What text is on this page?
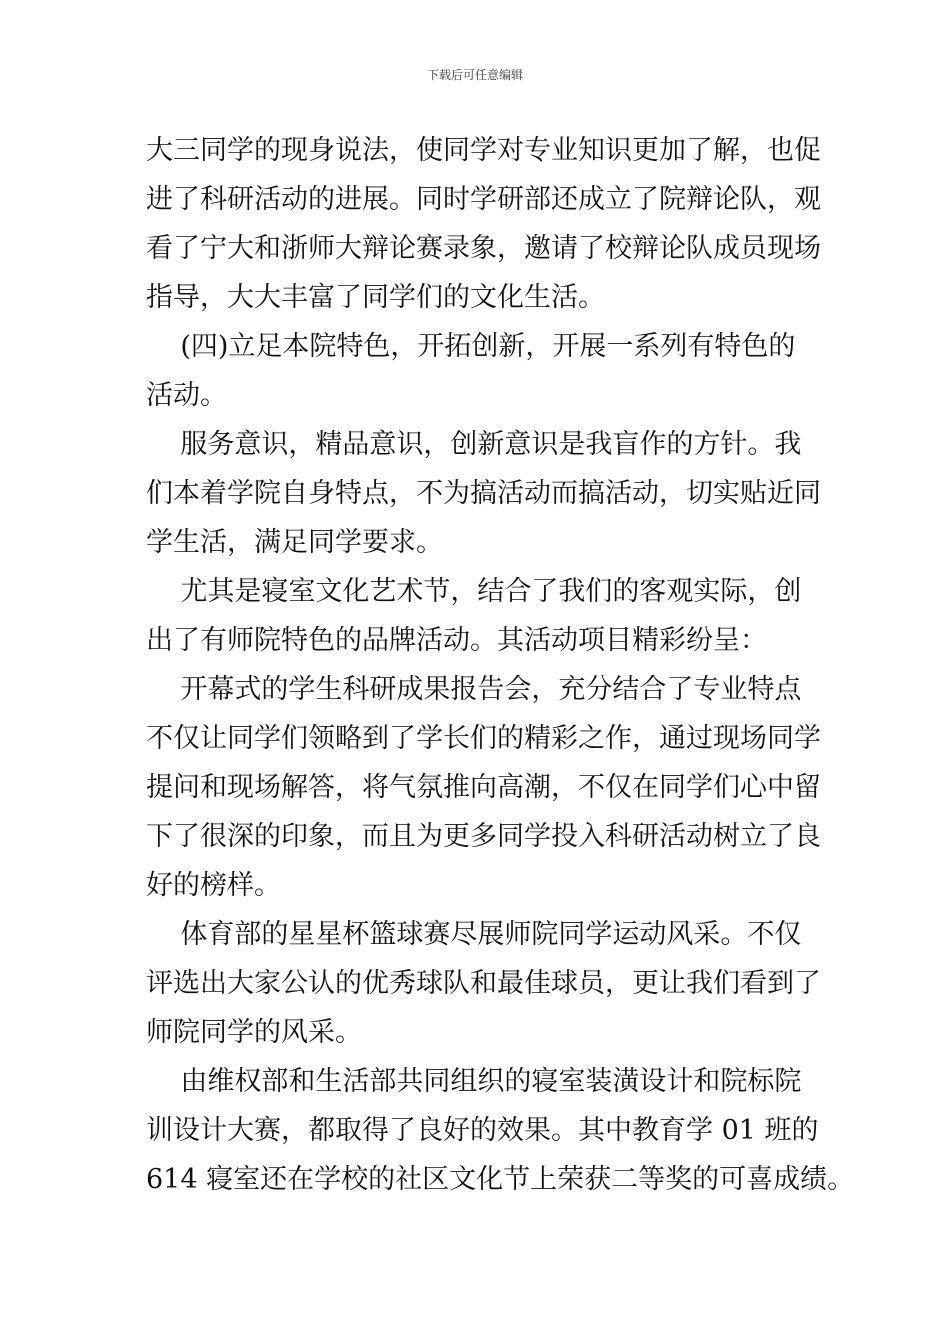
下载后可任意编辑
大三同学的现身说法，使同学对专业知识更加了解，也促
进了科研活动的进展。同时学研部还成立了院辩论队，观
看了宁大和浙师大辩论赛录象，邀请了校辩论队成员现场
指导，大大丰富了同学们的文化生活。
(四)立足本院特色，开拓创新，开展一系列有特色的
活动。
服务意识，精品意识，创新意识是我盲作的方针。我
们本着学院自身特点，不为搞活动而搞活动，切实贴近同
学生活，满足同学要求。
尤其是寝室文化艺术节，结合了我们的客观实际，创
出了有师院特色的品牌活动。其活动项目精彩纷呈：
开幕式的学生科研成果报告会，充分结合了专业特点
不仅让同学们领略到了学长们的精彩之作，通过现场同学
提问和现场解答，将气氛推向高潮，不仅在同学们心中留
下了很深的印象，而且为更多同学投入科研活动树立了良
好的榜样。
体育部的星星杯篮球赛尽展师院同学运动风采。不仅
评选出大家公认的优秀球队和最佳球员，更让我们看到了
师院同学的风采。
由维权部和生活部共同组织的寝室装潢设计和院标院
训设计大赛，都取得了良好的效果。其中教育学 01 班的
614 寝室还在学校的社区文化节上荣获二等奖的可喜成绩。
